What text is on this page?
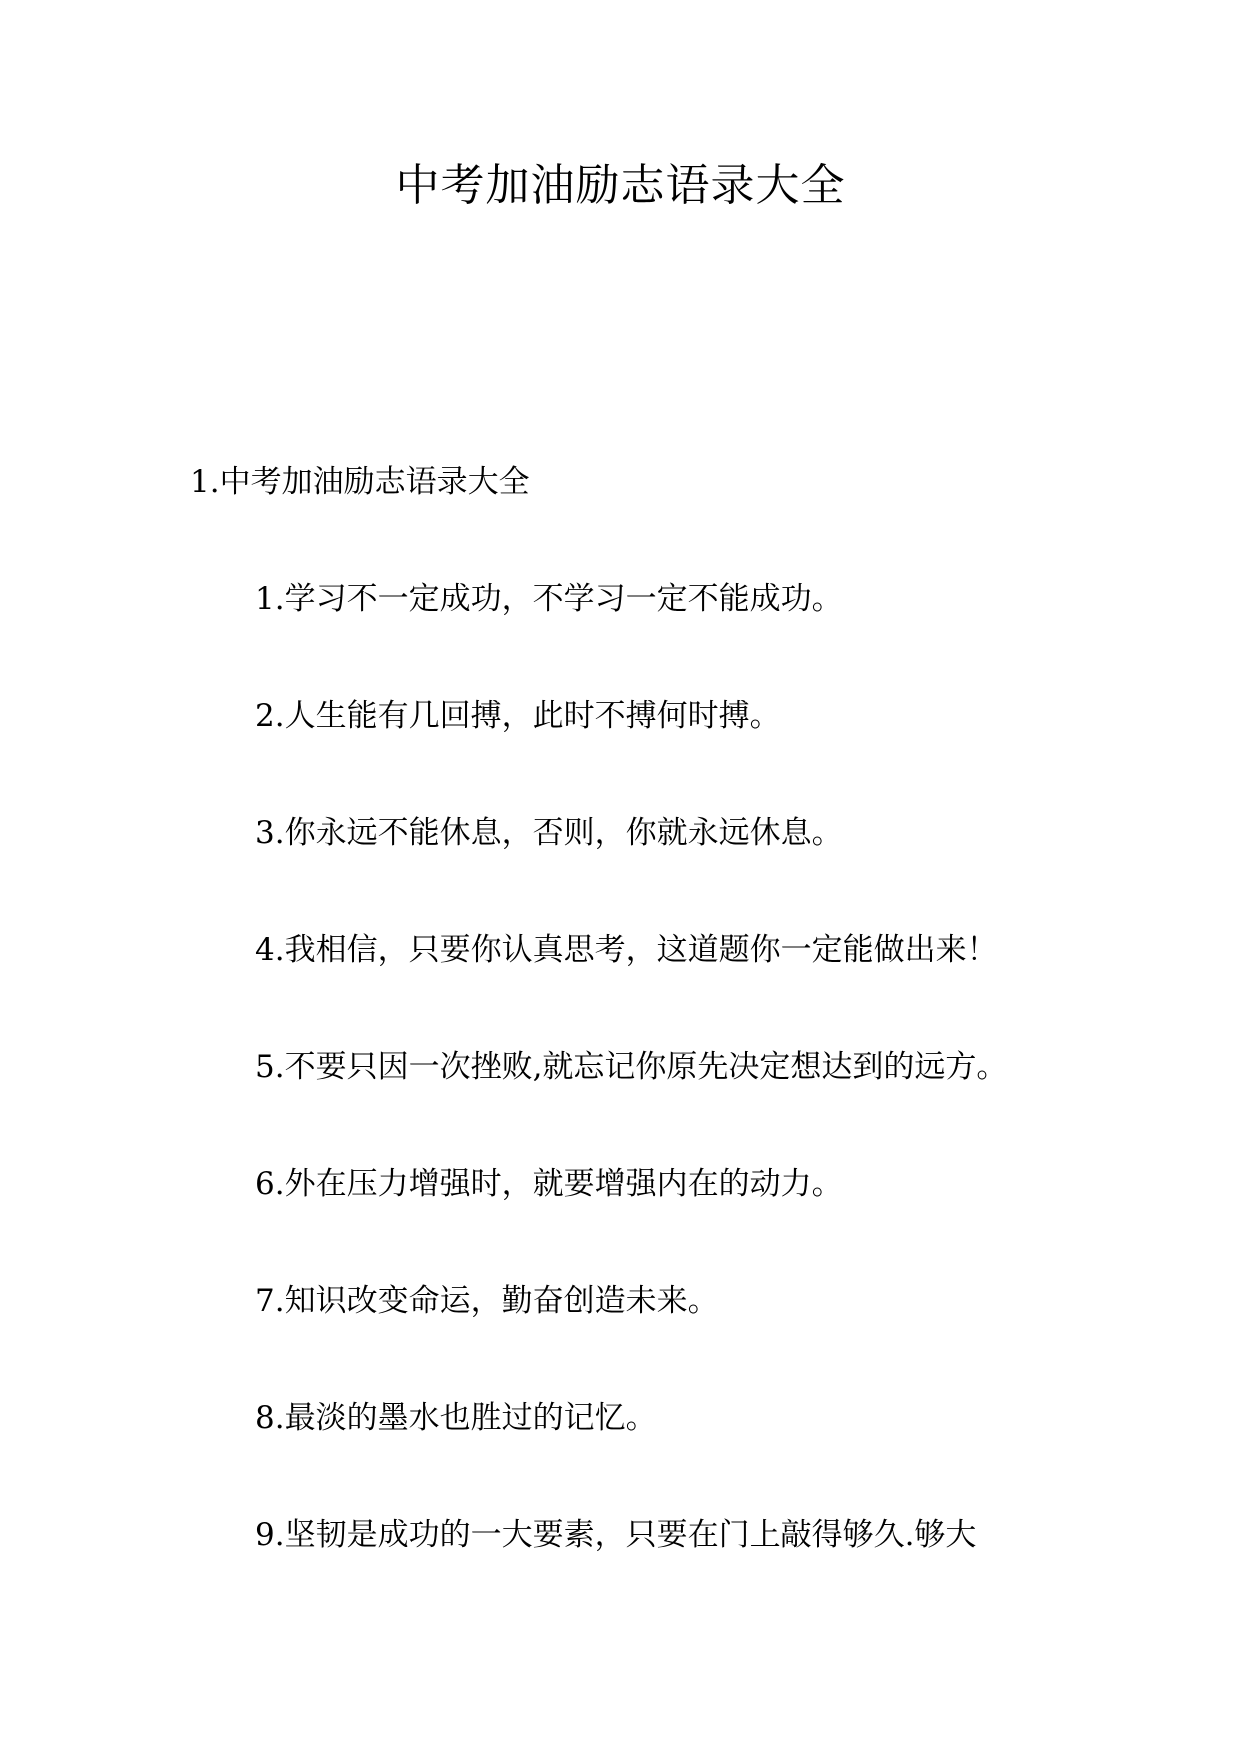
中考加油励志语录大全
1.中考加油励志语录大全
1.学习不一定成功，不学习一定不能成功。
2.人生能有几回搏，此时不搏何时搏。
3.你永远不能休息，否则，你就永远休息。
4.我相信，只要你认真思考，这道题你一定能做出来！
5.不要只因一次挫败,就忘记你原先决定想达到的远方。
6.外在压力增强时，就要增强内在的动力。
7.知识改变命运，勤奋创造未来。
8.最淡的墨水也胜过的记忆。
9.坚韧是成功的一大要素，只要在门上敲得够久.够大
